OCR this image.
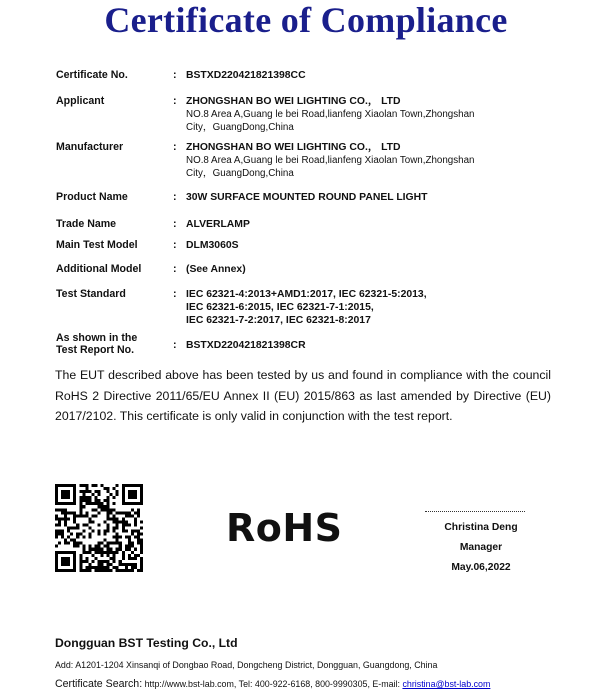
Certificate of Compliance
Certificate No.	: BSTXD220421821398CC
Applicant	: ZHONGSHAN BO WEI LIGHTING CO.， LTD
NO.8 Area A,Guang le bei Road,lianfeng Xiaolan Town,Zhongshan
City，GuangDong,China
Manufacturer	: ZHONGSHAN BO WEI LIGHTING CO.， LTD
NO.8 Area A,Guang le bei Road,lianfeng Xiaolan Town,Zhongshan
City，GuangDong,China
Product Name	: 30W SURFACE MOUNTED ROUND PANEL LIGHT
Trade Name	: ALVERLAMP
Main Test Model	: DLM3060S
Additional Model	: (See Annex)
Test Standard	: IEC 62321-4:2013+AMD1:2017, IEC 62321-5:2013,
IEC 62321-6:2015, IEC 62321-7-1:2015,
IEC 62321-7-2:2017, IEC 62321-8:2017
As shown in the
Test Report No.	: BSTXD220421821398CR
The EUT described above has been tested by us and found in compliance with the council RoHS 2 Directive 2011/65/EU Annex II (EU) 2015/863 as last amended by Directive (EU) 2017/2102. This certificate is only valid in conjunction with the test report.
RoHS	Christina Deng
Manager
May.06,2022
Dongguan BST Testing Co., Ltd
Add: A1201-1204 Xinsanqi of Dongbao Road, Dongcheng District, Dongguan, Guangdong, China
Certificate Search: http://www.bst-lab.com, Tel: 400-922-6168, 800-9990305, E-mail: christina@bst-lab.com
